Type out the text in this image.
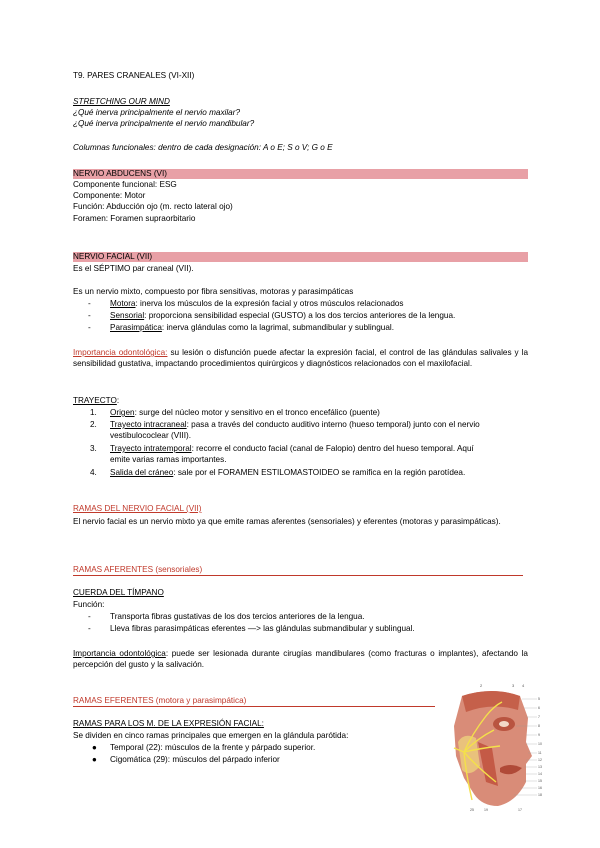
T9. PARES CRANEALES (VI-XII)
STRETCHING OUR MIND
¿Qué inerva principalmente el nervio maxilar?
¿Qué inerva principalmente el nervio mandibular?
Columnas funcionales: dentro de cada designación: A o E; S o V; G o E
NERVIO ABDUCENS (VI)
Componente funcional: ESG
Componente: Motor
Función: Abducción ojo (m. recto lateral ojo)
Foramen: Foramen supraorbitario
NERVIO FACIAL (VII)
Es el SÉPTIMO par craneal (VII).
Es un nervio mixto, compuesto por fibra sensitivas, motoras y parasimpáticas
- Motora: inerva los músculos de la expresión facial y otros músculos relacionados
- Sensorial: proporciona sensibilidad especial (GUSTO) a los dos tercios anteriores de la lengua.
- Parasimpática: inerva glándulas como la lagrimal, submandibular y sublingual.
Importancia odontológica: su lesión o disfunción puede afectar la expresión facial, el control de las glándulas salivales y la sensibilidad gustativa, impactando procedimientos quirúrgicos y diagnósticos relacionados con el maxilofacial.
TRAYECTO:
1. Origen: surge del núcleo motor y sensitivo en el tronco encefálico (puente)
2. Trayecto intracraneal: pasa a través del conducto auditivo interno (hueso temporal) junto con el nervio
vestibulococlear (VIII).
3. Trayecto intratemporal: recorre el conducto facial (canal de Falopio) dentro del hueso temporal. Aquí
emite varias ramas importantes.
4. Salida del cráneo: sale por el FORAMEN ESTILOMASTOIDEO se ramifica en la región parotídea.
RAMAS DEL NERVIO FACIAL (VII)
El nervio facial es un nervio mixto ya que emite ramas aferentes (sensoriales) y eferentes (motoras y parasimpáticas).
RAMAS AFERENTES (sensoriales)
CUERDA DEL TÍMPANO
Función:
- Transporta fibras gustativas de los dos tercios anteriores de la lengua.
- Lleva fibras parasimpáticas eferentes —> las glándulas submandibular y sublingual.
Importancia odontológica: puede ser lesionada durante cirugías mandibulares (como fracturas o implantes), afectando la percepción del gusto y la salivación.
RAMAS EFERENTES (motora y parasimpática)
RAMAS PARA LOS M. DE LA EXPRESIÓN FACIAL:
Se dividen en cinco ramas principales que emergen en la glándula parótida:
● Temporal (22): músculos de la frente y párpado superior.
● Cigomática (29): músculos del párpado inferior
2	3 4
5
6
7
8
9
10
11
12
13
14
15
16
18
25	19	17
